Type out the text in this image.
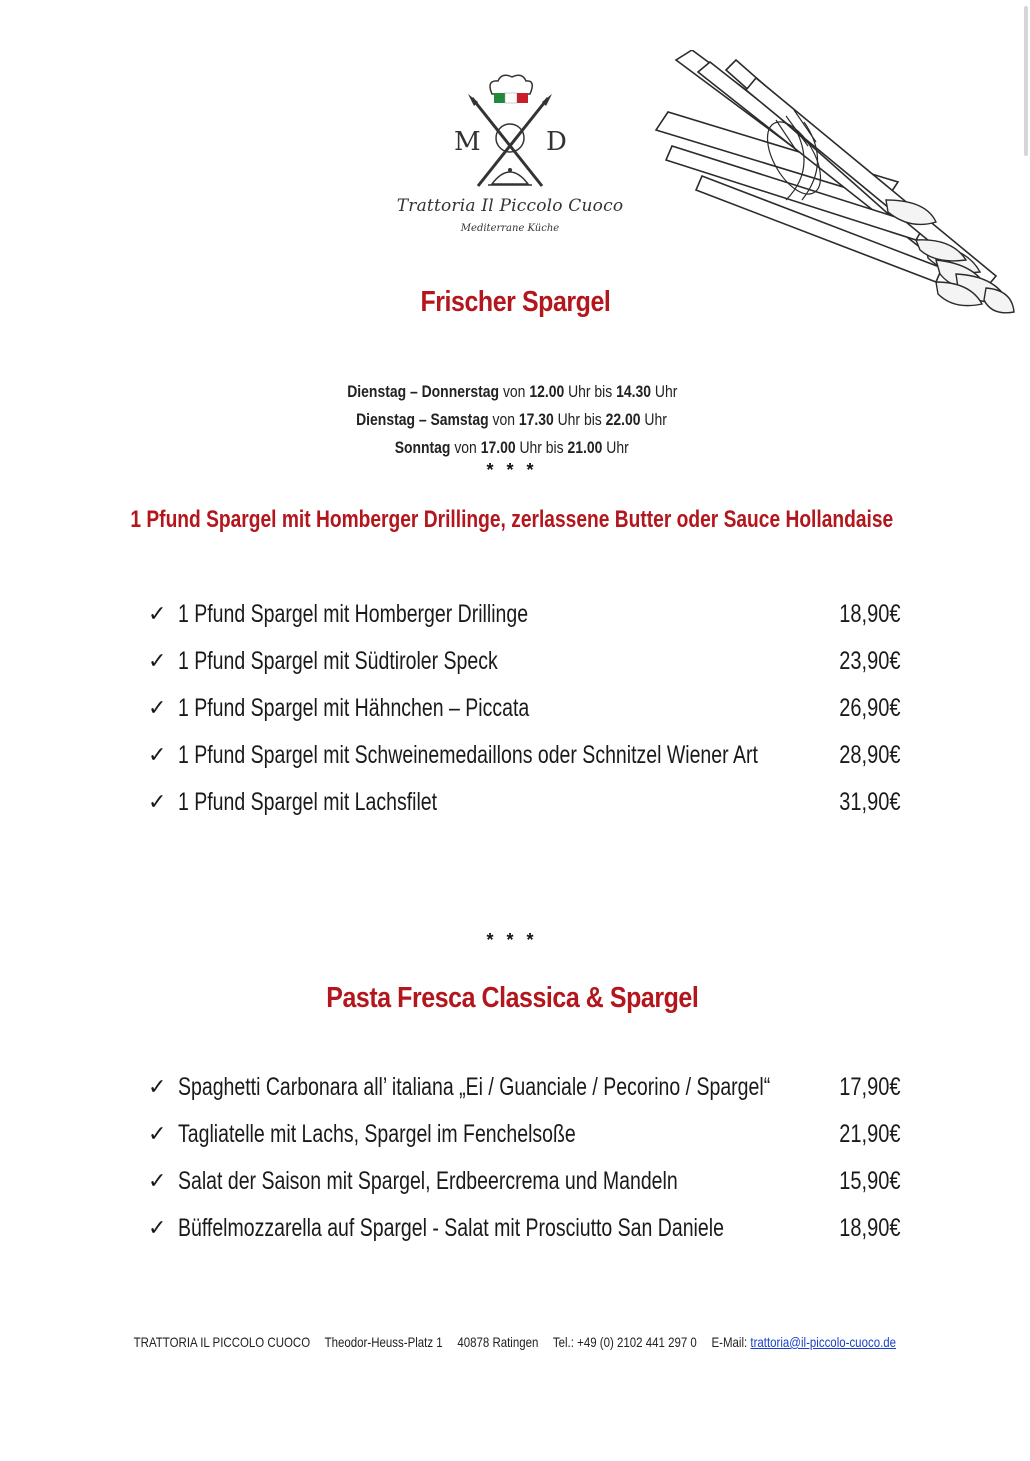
M	D
Trattoria Il Piccolo Cuoco
Mediterrane Küche
Frischer Spargel
Dienstag – Donnerstag von 12.00 Uhr bis 14.30 Uhr
Dienstag – Samstag von 17.30 Uhr bis 22.00 Uhr
Sonntag von 17.00 Uhr bis 21.00 Uhr
* * *
1 Pfund Spargel mit Homberger Drillinge, zerlassene Butter oder Sauce Hollandaise
✓ 1 Pfund Spargel mit Homberger Drillinge	18,90€
✓ 1 Pfund Spargel mit Südtiroler Speck	23,90€
✓ 1 Pfund Spargel mit Hähnchen – Piccata	26,90€
✓ 1 Pfund Spargel mit Schweinemedaillons oder Schnitzel Wiener Art	28,90€
✓ 1 Pfund Spargel mit Lachsfilet	31,90€
* * *
Pasta Fresca Classica & Spargel
✓ Spaghetti Carbonara all’ italiana „Ei / Guanciale / Pecorino / Spargel“	17,90€
✓ Tagliatelle mit Lachs, Spargel im Fenchelsoße	21,90€
✓ Salat der Saison mit Spargel, Erdbeercrema und Mandeln	15,90€
✓ Büffelmozzarella auf Spargel - Salat mit Prosciutto San Daniele	18,90€
TRATTORIA IL PICCOLO CUOCO Theodor-Heuss-Platz 1 40878 Ratingen Tel.: +49 (0) 2102 441 297 0 E-Mail: trattoria@il-piccolo-cuoco.de
